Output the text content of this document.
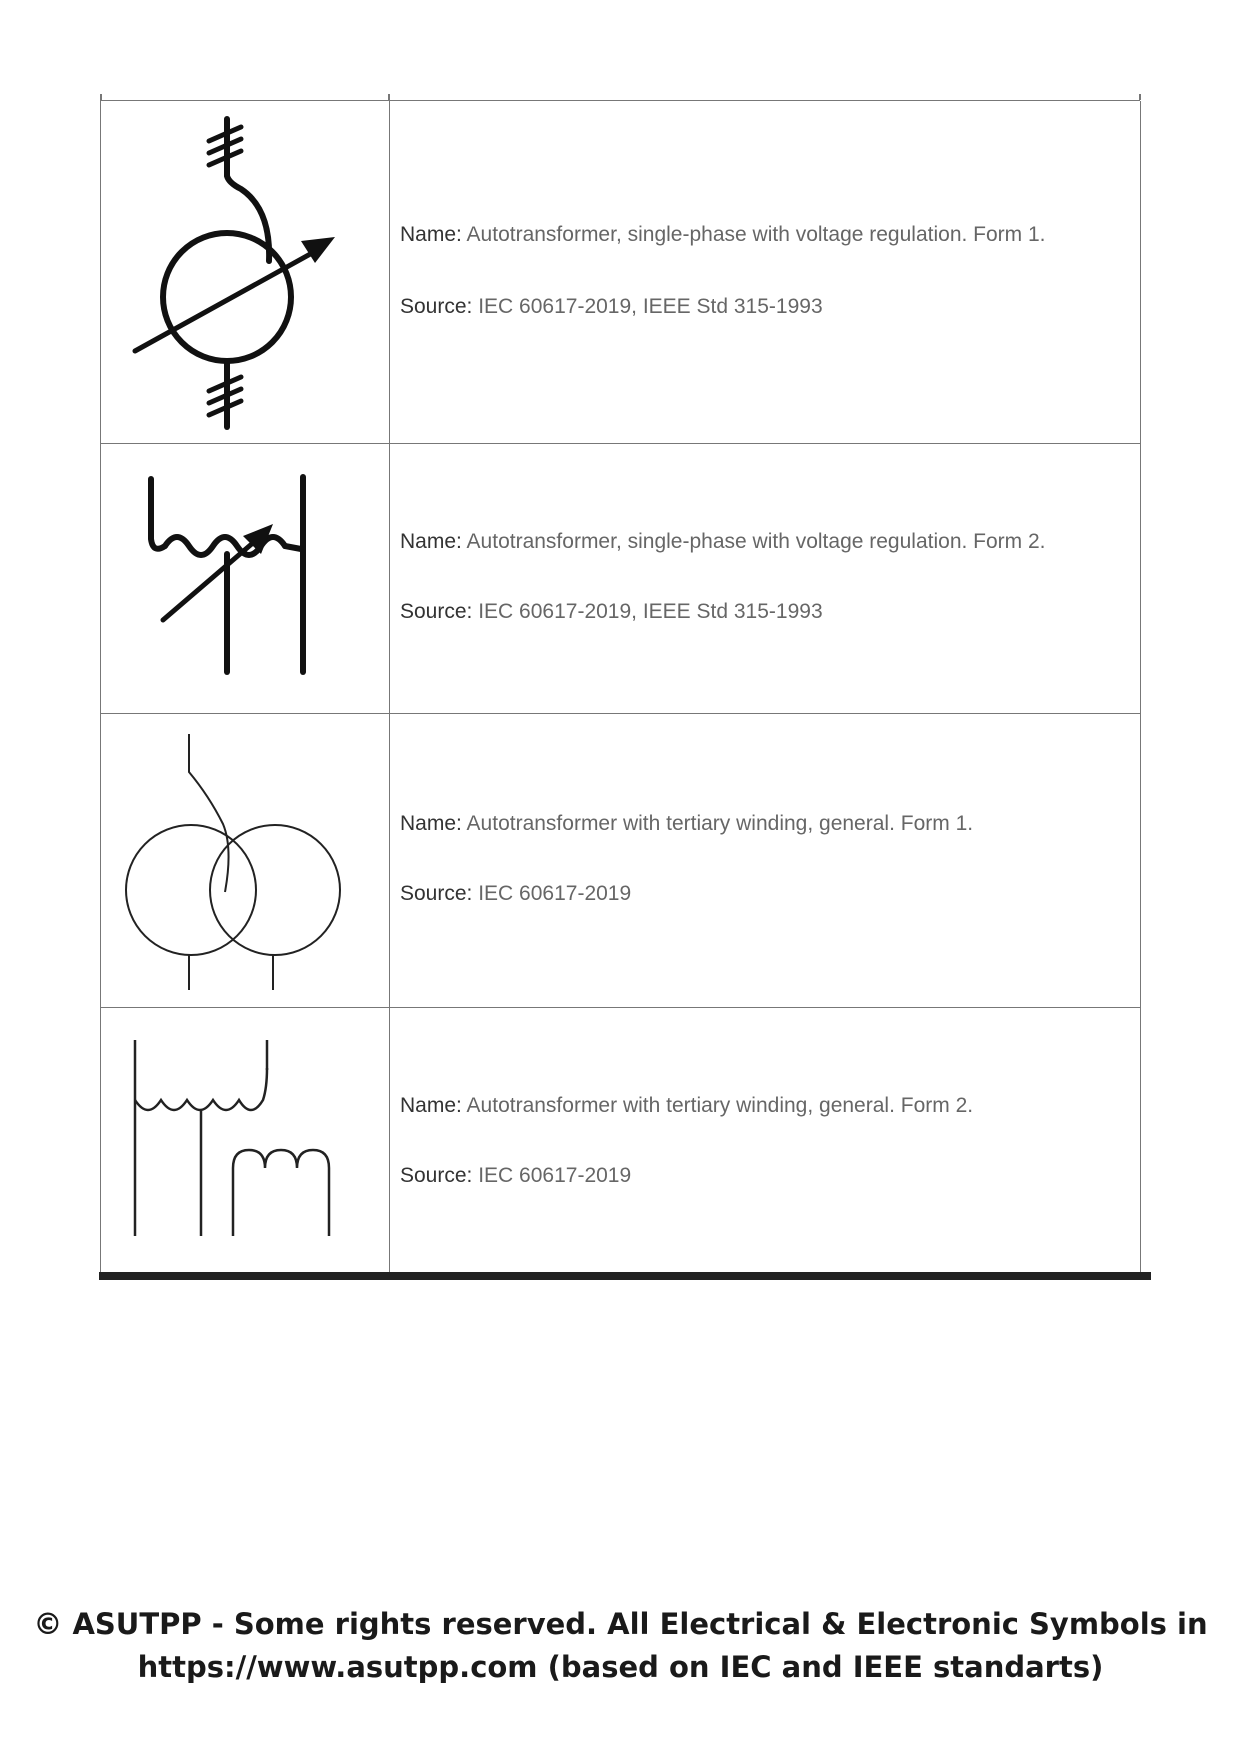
Name: Autotransformer, single-phase with voltage regulation. Form 1.
Source: IEC 60617-2019, IEEE Std 315-1993
Name: Autotransformer, single-phase with voltage regulation. Form 2.
Source: IEC 60617-2019, IEEE Std 315-1993
Name: Autotransformer with tertiary winding, general. Form 1.
Source: IEC 60617-2019
Name: Autotransformer with tertiary winding, general. Form 2.
Source: IEC 60617-2019
© ASUTPP - Some rights reserved. All Electrical & Electronic Symbols in
https://www.asutpp.com (based on IEC and IEEE standarts)
